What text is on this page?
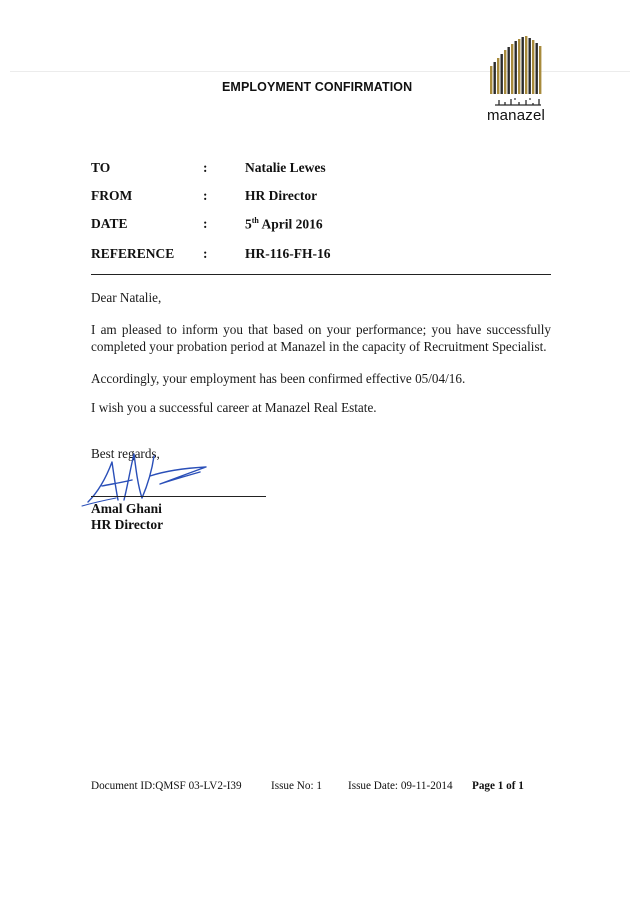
EMPLOYMENT CONFIRMATION
manazel
TO	:	Natalie Lewes
FROM	:	HR Director
DATE	:	5th April 2016
REFERENCE :	HR-116-FH-16
Dear Natalie,
I am pleased to inform you that based on your performance; you have successfully completed your probation period at Manazel in the capacity of Recruitment Specialist.
Accordingly, your employment has been confirmed effective 05/04/16.
I wish you a successful career at Manazel Real Estate.
Best regards,
Amal Ghani
HR Director
Document ID:QMSF 03-LV2-I39	Issue No: 1 Issue Date: 09-11-2014 Page 1 of 1
